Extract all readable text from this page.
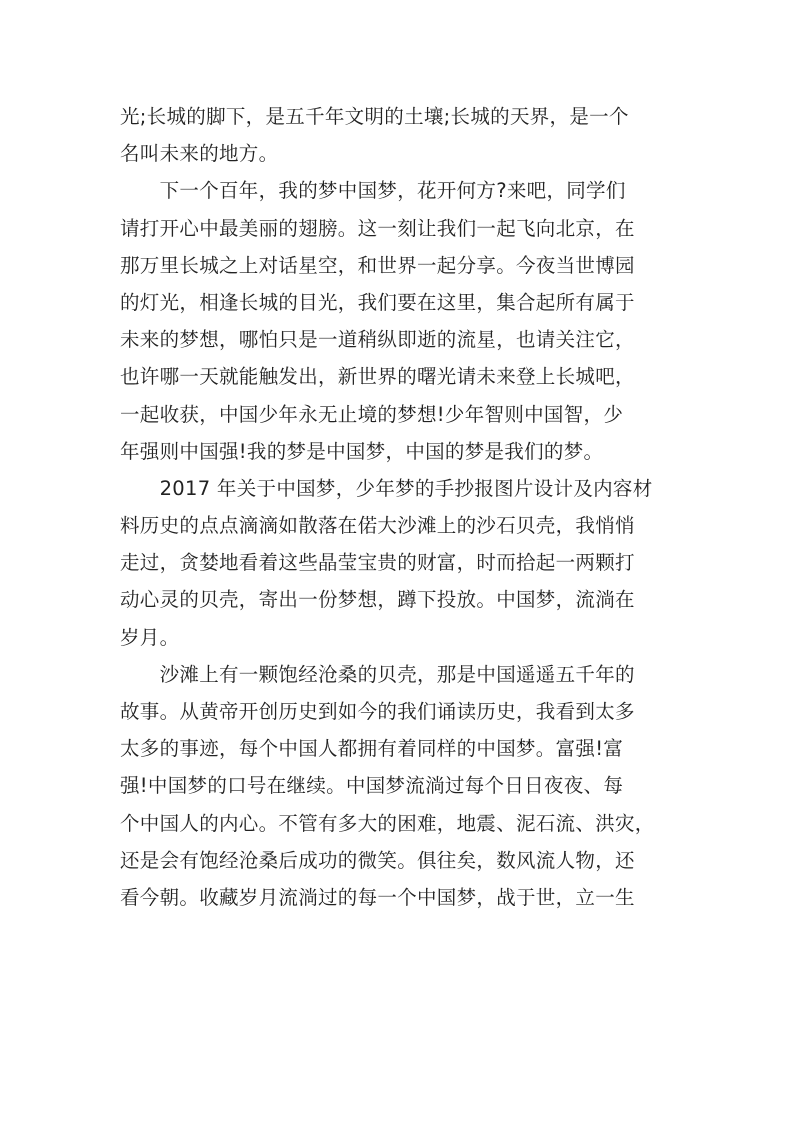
光;长城的脚下，是五千年文明的土壤;长城的天界，是一个
名叫未来的地方。
　　下一个百年，我的梦中国梦，花开何方?来吧，同学们
请打开心中最美丽的翅膀。这一刻让我们一起飞向北京，在
那万里长城之上对话星空，和世界一起分享。今夜当世博园
的灯光，相逢长城的目光，我们要在这里，集合起所有属于
未来的梦想，哪怕只是一道稍纵即逝的流星，也请关注它，
也许哪一天就能触发出，新世界的曙光请未来登上长城吧，
一起收获，中国少年永无止境的梦想!少年智则中国智，少
年强则中国强!我的梦是中国梦，中国的梦是我们的梦。
　　2017 年关于中国梦，少年梦的手抄报图片设计及内容材
料历史的点点滴滴如散落在偌大沙滩上的沙石贝壳，我悄悄
走过，贪婪地看着这些晶莹宝贵的财富，时而拾起一两颗打
动心灵的贝壳，寄出一份梦想，蹲下投放。中国梦，流淌在
岁月。
　　沙滩上有一颗饱经沧桑的贝壳，那是中国遥遥五千年的
故事。从黄帝开创历史到如今的我们诵读历史，我看到太多
太多的事迹，每个中国人都拥有着同样的中国梦。富强!富
强!中国梦的口号在继续。中国梦流淌过每个日日夜夜、每
个中国人的内心。不管有多大的困难，地震、泥石流、洪灾，
还是会有饱经沧桑后成功的微笑。俱往矣，数风流人物，还
看今朝。收藏岁月流淌过的每一个中国梦，战于世，立一生
